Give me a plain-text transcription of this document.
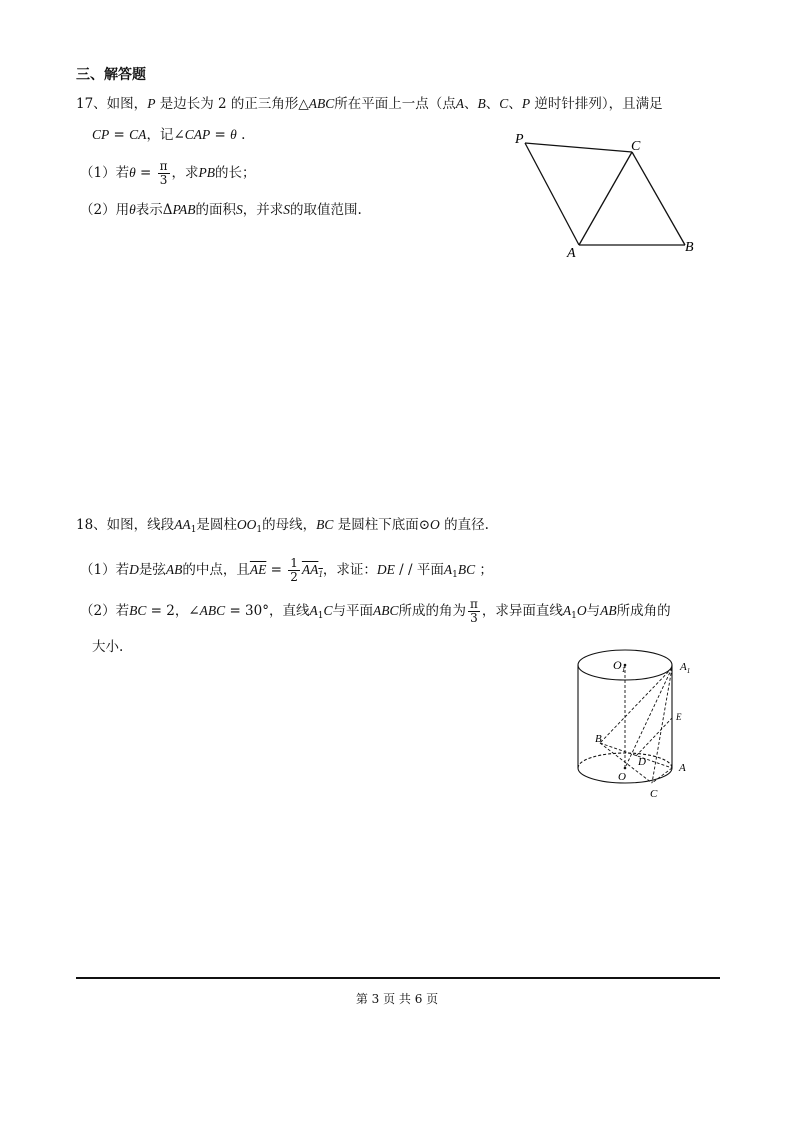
三、解答题
17、如图，P 是边长为 2 的正三角形△ABC所在平面上一点（点A、B、C、P 逆时针排列），且满足
CP = CA，记∠CAP = θ .
（1）若$\theta = \frac{\pi}{3}$ ，求PB的长；
（2）用θ表示ΔPAB的面积S，并求S的取值范围.
P	C
A	B
18、如图，线段$AA_1$是圆柱$OO_1$的母线，BC 是圆柱下底面⊙O 的直径.
（1）若D是弦AB的中点，且$\overline{AE} = \frac{1}{2} AA_1$，求证：DE / / 平面$A_1BC$ ；
（2）若BC = 2，∠ABC = 30°，直线$A_1C$与平面ABC所成的角为 $\frac{\pi}{3}$ ，求异面直线$A_1O$与AB所成角的
大小.
$O_1$	$A_1$
E
B
D
O
A
C
第 3 页 共 6 页
